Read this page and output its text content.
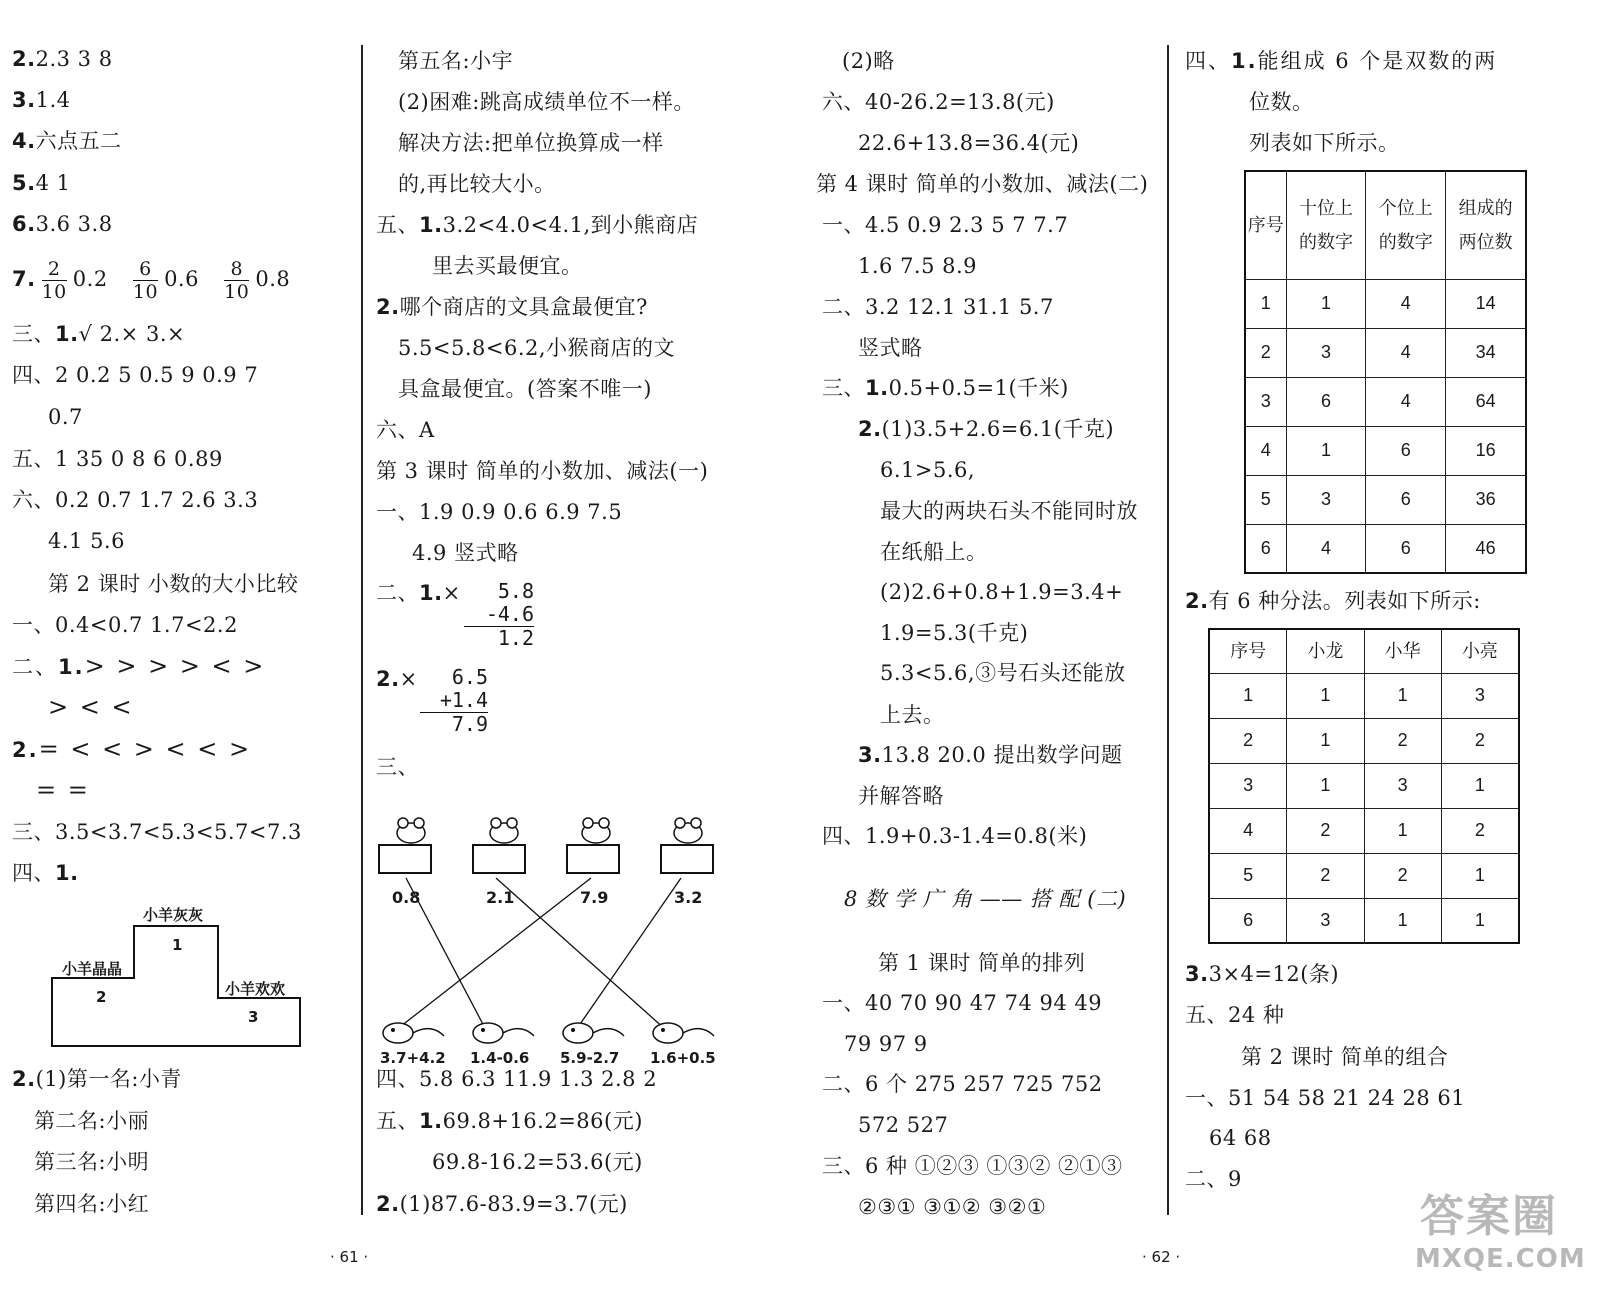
2.2.3 3 8
3.1.4
4.六点五二
5.4 1
6.3.6 3.8
7. $\frac{2}{10} 0.2 \frac{6}{10} 0.6 \frac{8}{10} 0.8$
三、1.√ 2.× 3.×
四、2 0.2 5 0.5 9 0.9 7
0.7
五、1 35 0 8 6 0.89
六、0.2 0.7 1.7 2.6 3.3
4.1 5.6
第 2 课时 小数的大小比较
一、0.4<0.7 1.7<2.2
二、1.> > > > < >
> < <
2.= < < > < < >
= =
三、3.5<3.7<5.3<5.7<7.3
四、1.
小羊灰灰
1
小羊晶晶
2	小羊欢欢
3
2.(1)第一名:小青
第二名:小丽
第三名:小明
第四名:小红
第五名:小宇
(2)困难:跳高成绩单位不一样。
解决方法:把单位换算成一样
的,再比较大小。
五、1.3.2<4.0<4.1,到小熊商店
里去买最便宜。
2.哪个商店的文具盒最便宜?
5.5<5.8<6.2,小猴商店的文
具盒最便宜。(答案不唯一)
六、A
第 3 课时 简单的小数加、减法(一)
一、1.9 0.9 0.6 6.9 7.5
4.9 竖式略
二、1.×	5.8
-4.6
1.2
2.×	6.5
+1.4
7.9
三、
0.8	2.1	7.9	3.2
3.7+4.2 1.4-0.6 5.9-2.7 1.6+0.5
四、5.8 6.3 11.9 1.3 2.8 2
五、1.69.8+16.2=86(元)
69.8-16.2=53.6(元)
2.(1)87.6-83.9=3.7(元)
(2)略
六、40-26.2=13.8(元)
22.6+13.8=36.4(元)
第 4 课时 简单的小数加、减法(二)
一、4.5 0.9 2.3 5 7 7.7
1.6 7.5 8.9
二、3.2 12.1 31.1 5.7
竖式略
三、1.0.5+0.5=1(千米)
2.(1)3.5+2.6=6.1(千克)
6.1>5.6,
最大的两块石头不能同时放
在纸船上。
(2)2.6+0.8+1.9=3.4+
1.9=5.3(千克)
5.3<5.6,③号石头还能放
上去。
3.13.8 20.0 提出数学问题
并解答略
四、1.9+0.3-1.4=0.8(米)
8 数 学 广 角 —— 搭 配 (二)
第 1 课时 简单的排列
一、40 70 90 47 74 94 49
79 97 9
二、6 个 275 257 725 752
572 527
三、6 种 ①②③ ①③② ②①③
②③① ③①② ③②①
四、1.能组成 6 个是双数的两
位数。
列表如下所示。
序号	十位上的数字	个位上的数字	组成的两位数
1	1	4	14
2	3	4	34
3	6	4	64
4	1	6	16
5	3	6	36
6	4	6	46
2.有 6 种分法。列表如下所示:
序号	小龙	小华	小亮
1	1	1	3
2	1	2	2
3	1	3	1
4	2	1	2
5	2	2	1
6	3	1	1
3.3×4=12(条)
五、24 种
第 2 课时 简单的组合
一、51 54 58 21 24 28 61
64 68
二、9
· 61 ·	· 62 ·
答案圈
MXQE.COM
